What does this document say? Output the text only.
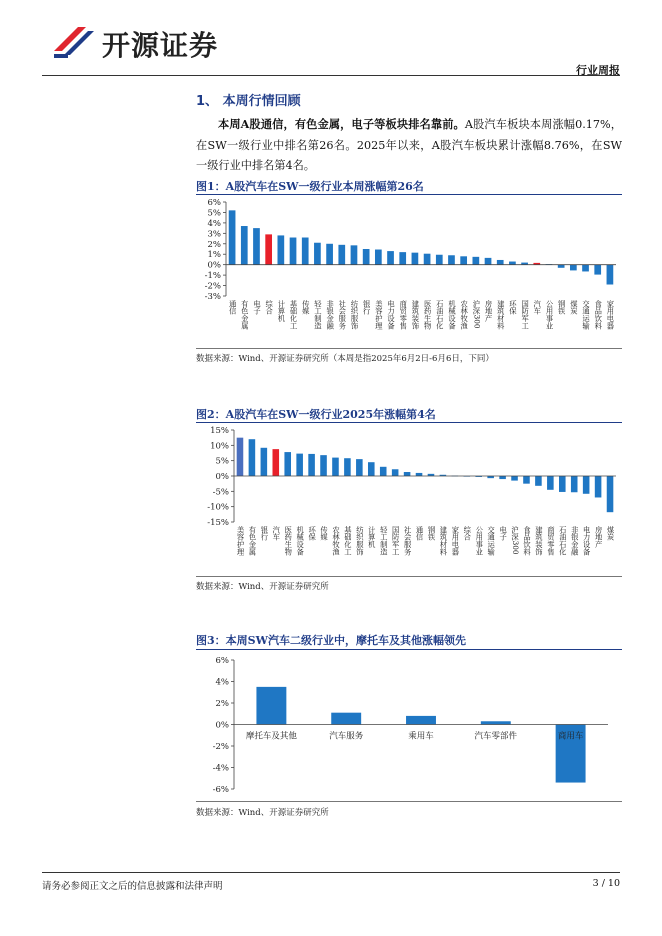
开源证券
行业周报
1、 本周行情回顾
本周A股通信，有色金属，电子等板块排名靠前。A股汽车板块本周涨幅0.17%，在SW一级行业中排名第26名。2025年以来，A股汽车板块累计涨幅8.76%，在SW一级行业中排名第4名。
图1：A股汽车在SW一级行业本周涨幅第26名
6%
5%
4%
3%
2%
1%
0%
-1%
-2%
-3%
通信 有色金属 电子 综合 计算机 基础化工 传媒 轻工制造 非银金融 社会服务 纺织服饰 银行 美容护理 电力设备 商贸零售 建筑装饰 医药生物 石油石化 机械设备 农林牧渔 沪深300 房地产 建筑材料 环保 国防军工 汽车 公用事业 钢铁 煤炭 交通运输 食品饮料 家用电器
数据来源：Wind、开源证券研究所（本周是指2025年6月2日-6月6日，下同）
图2：A股汽车在SW一级行业2025年涨幅第4名
15%
10%
5%
0%
-5%
-10%
-15%
美容护理 有色金属 银行 汽车 医药生物 机械设备 环保 传媒 农林牧渔 基础化工 纺织服饰 计算机 轻工制造 国防军工 社会服务 通信 钢铁 建筑材料 家用电器 综合 公用事业 交通运输 电子 沪深300 食品饮料 建筑装饰 商贸零售 石油石化 非银金融 电力设备 房地产 煤炭
数据来源：Wind、开源证券研究所
图3：本周SW汽车二级行业中，摩托车及其他涨幅领先
6%
4%
2%
0%
-2%
-4%
-6%
摩托车及其他	汽车服务	乘用车	汽车零部件	商用车
数据来源：Wind、开源证券研究所
请务必参阅正文之后的信息披露和法律声明	3 / 10
